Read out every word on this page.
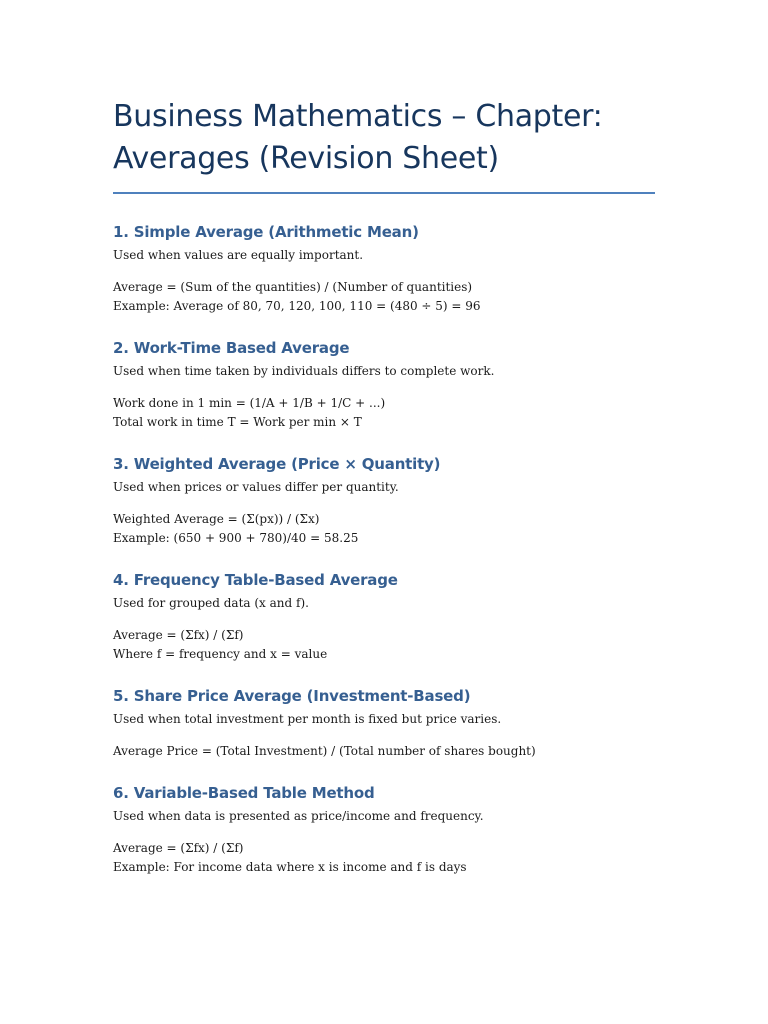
Business Mathematics – Chapter:
Averages (Revision Sheet)
1. Simple Average (Arithmetic Mean)

Used when values are equally important.

Average = (Sum of the quantities) / (Number of quantities)

Example: Average of 80, 70, 120, 100, 110 = (480 ÷ 5) = 96

2. Work-Time Based Average

Used when time taken by individuals differs to complete work.

Work done in 1 min = (1/A + 1/B + 1/C + ...)

Total work in time T = Work per min × T

3. Weighted Average (Price × Quantity)

Used when prices or values differ per quantity.

Weighted Average = (Σ(px)) / (Σx)

Example: (650 + 900 + 780)/40 = 58.25

4. Frequency Table-Based Average

Used for grouped data (x and f).

Average = (Σfx) / (Σf)

Where f = frequency and x = value

5. Share Price Average (Investment-Based)

Used when total investment per month is fixed but price varies.

Average Price = (Total Investment) / (Total number of shares bought)

6. Variable-Based Table Method

Used when data is presented as price/income and frequency.

Average = (Σfx) / (Σf)

Example: For income data where x is income and f is days
